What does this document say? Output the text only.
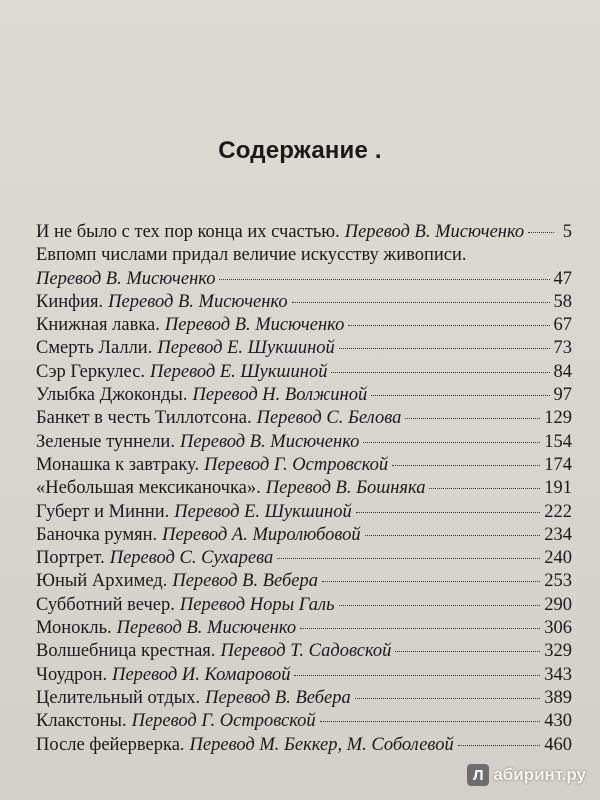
Содержание .
И не было с тех пор конца их счастью. Перевод В. Мисюченко 5
Евпомп числами придал величие искусству живописи.
Перевод В. Мисюченко	47
Кинфия. Перевод В. Мисюченко	58
Книжная лавка. Перевод В. Мисюченко	67
Смерть Лалли. Перевод Е. Шукшиной	73
Сэр Геркулес. Перевод Е. Шукшиной	84
Улыбка Джоконды. Перевод Н. Волжиной	97
Банкет в честь Тиллотсона. Перевод С. Белова	129
Зеленые туннели. Перевод В. Мисюченко	154
Монашка к завтраку. Перевод Г. Островской	174
«Небольшая мексиканочка». Перевод В. Бошняка	191
Губерт и Минни. Перевод Е. Шукшиной	222
Баночка румян. Перевод А. Миролюбовой	234
Портрет. Перевод С. Сухарева	240
Юный Архимед. Перевод В. Вебера	253
Субботний вечер. Перевод Норы Галь	290
Монокль. Перевод В. Мисюченко	306
Волшебница крестная. Перевод Т. Садовской	329
Чоудрон. Перевод И. Комаровой	343
Целительный отдых. Перевод В. Вебера	389
Клакстоны. Перевод Г. Островской	430
После фейерверка. Перевод М. Беккер, М. Соболевой	460
Л абиринт.ру
